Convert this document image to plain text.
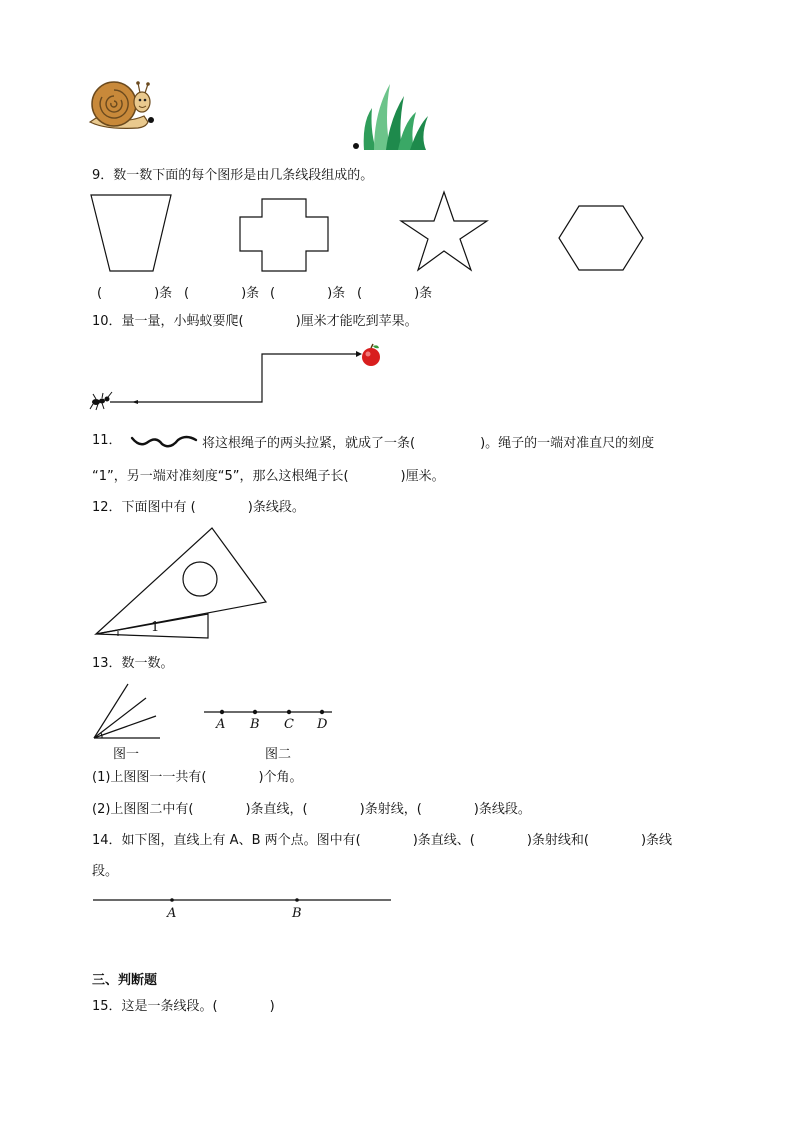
9．数一数下面的每个图形是由几条线段组成的。
(　　　　)条 (　　　　)条 (　　　　)条 (　　　　)条
10．量一量，小蚂蚁要爬(　　　　)厘米才能吃到苹果。
11．	将这根绳子的两头拉紧，就成了一条(　　　　　)。绳子的一端对准直尺的刻度
“1”，另一端对准刻度“5”，那么这根绳子长(　　　　)厘米。
12．下面图中有 (　　　　)条线段。
1
13．数一数。
图一
A B C D
图二
(1)上图图一一共有(　　　　)个角。
(2)上图图二中有(　　　　)条直线，(　　　　)条射线，(　　　　)条线段。
14．如下图，直线上有 A、B 两个点。图中有(　　　　)条直线、(　　　　)条射线和(　　　　)条线
段。
A	B
三、判断题
15．这是一条线段。(　　　　)
